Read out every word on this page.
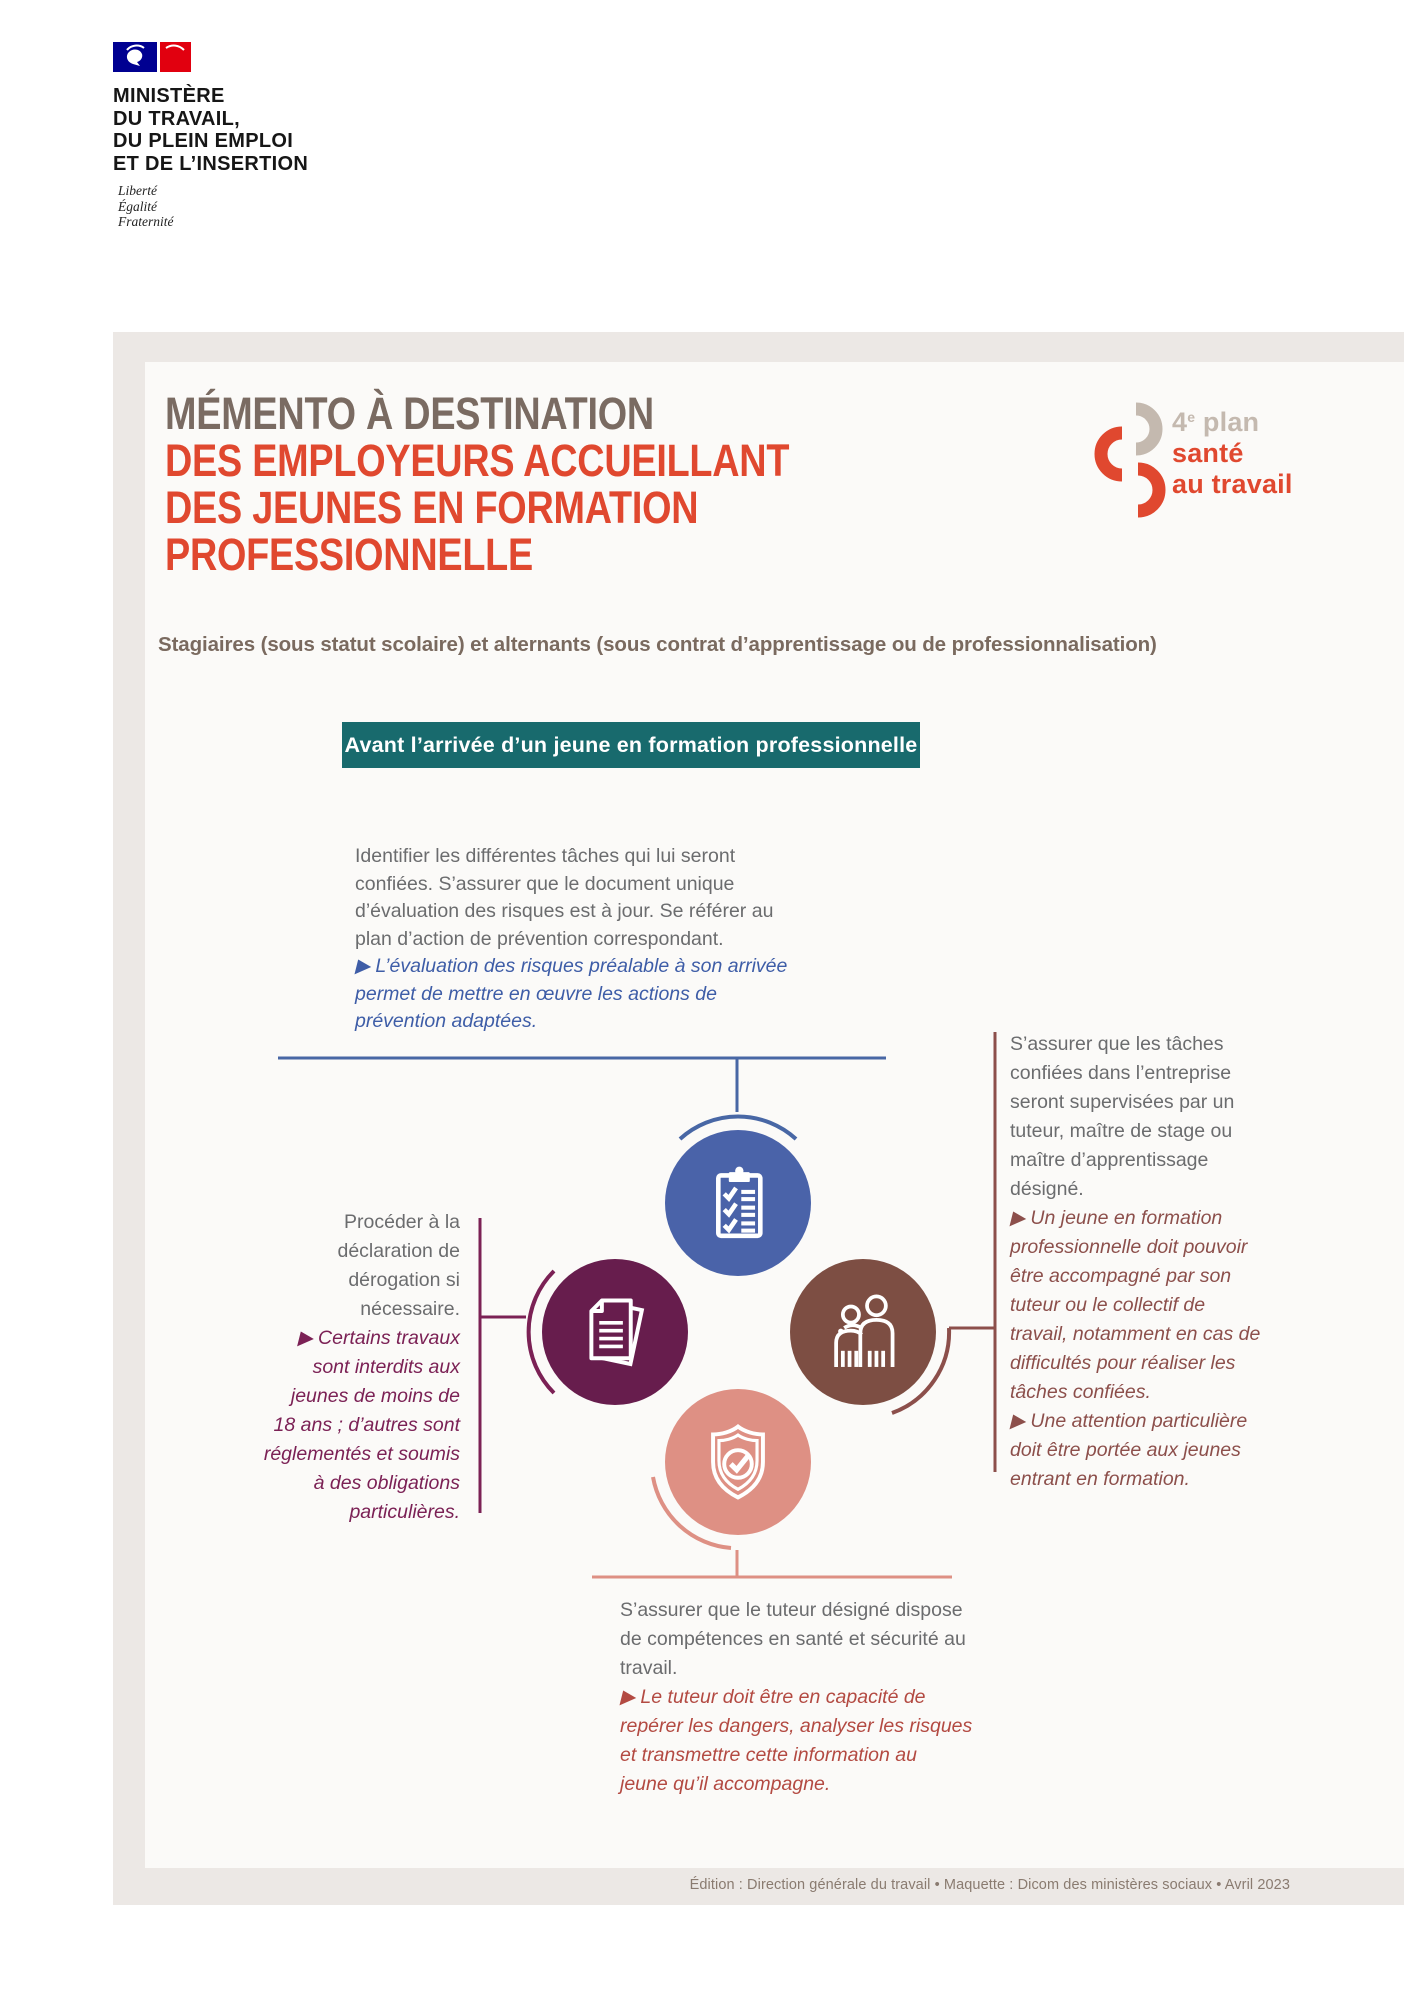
MINISTÈRE
DU TRAVAIL,
DU PLEIN EMPLOI
ET DE L’INSERTION
Liberté
Égalité
Fraternité
MÉMENTO À DESTINATION
DES EMPLOYEURS ACCUEILLANT
DES JEUNES EN FORMATION
PROFESSIONNELLE
4e plan
santé
au travail
Stagiaires (sous statut scolaire) et alternants (sous contrat d’apprentissage ou de professionnalisation)
Avant l’arrivée d’un jeune en formation professionnelle
Identifier les différentes tâches qui lui seront
confiées. S’assurer que le document unique
d’évaluation des risques est à jour. Se référer au
plan d’action de prévention correspondant.
▶ L’évaluation des risques préalable à son arrivée
permet de mettre en œuvre les actions de
prévention adaptées.
Procéder à la
déclaration de
dérogation si
nécessaire.
▶ Certains travaux
sont interdits aux
jeunes de moins de
18 ans ; d’autres sont
réglementés et soumis
à des obligations
particulières.
S’assurer que les tâches
confiées dans l’entreprise
seront supervisées par un
tuteur, maître de stage ou
maître d’apprentissage
désigné.
▶ Un jeune en formation
professionnelle doit pouvoir
être accompagné par son
tuteur ou le collectif de
travail, notamment en cas de
difficultés pour réaliser les
tâches confiées.
▶ Une attention particulière
doit être portée aux jeunes
entrant en formation.
S’assurer que le tuteur désigné dispose
de compétences en santé et sécurité au
travail.
▶ Le tuteur doit être en capacité de
repérer les dangers, analyser les risques
et transmettre cette information au
jeune qu’il accompagne.
Édition : Direction générale du travail • Maquette : Dicom des ministères sociaux • Avril 2023
